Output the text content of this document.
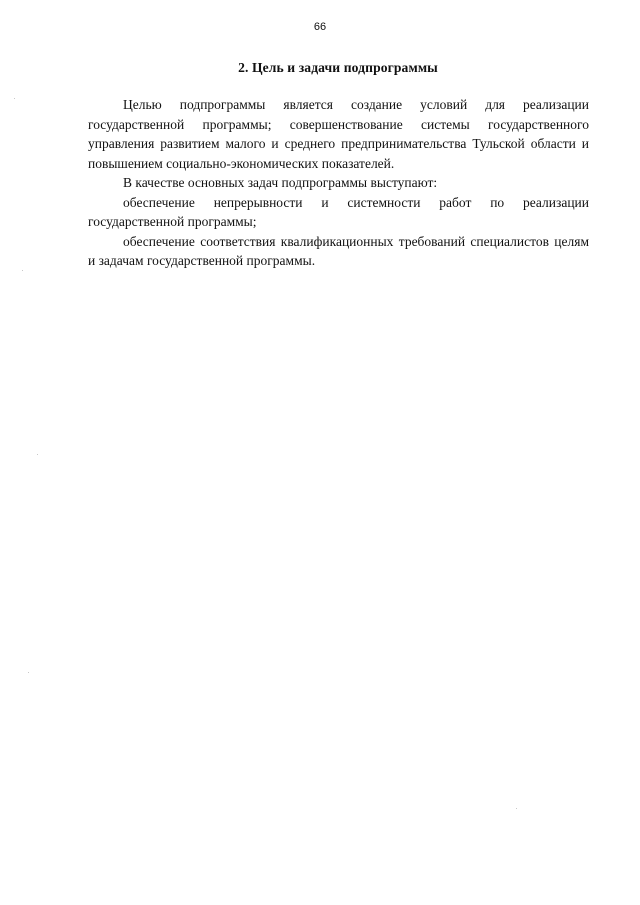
66
2. Цель и задачи подпрограммы

Целью подпрограммы является создание условий для реализации государственной программы; совершенствование системы государственного управления развитием малого и среднего предпринимательства Тульской области и повышением социально-экономических показателей.

В качестве основных задач подпрограммы выступают:

обеспечение непрерывности и системности работ по реализации государственной программы;

обеспечение соответствия квалификационных требований специалистов целям и задачам государственной программы.
